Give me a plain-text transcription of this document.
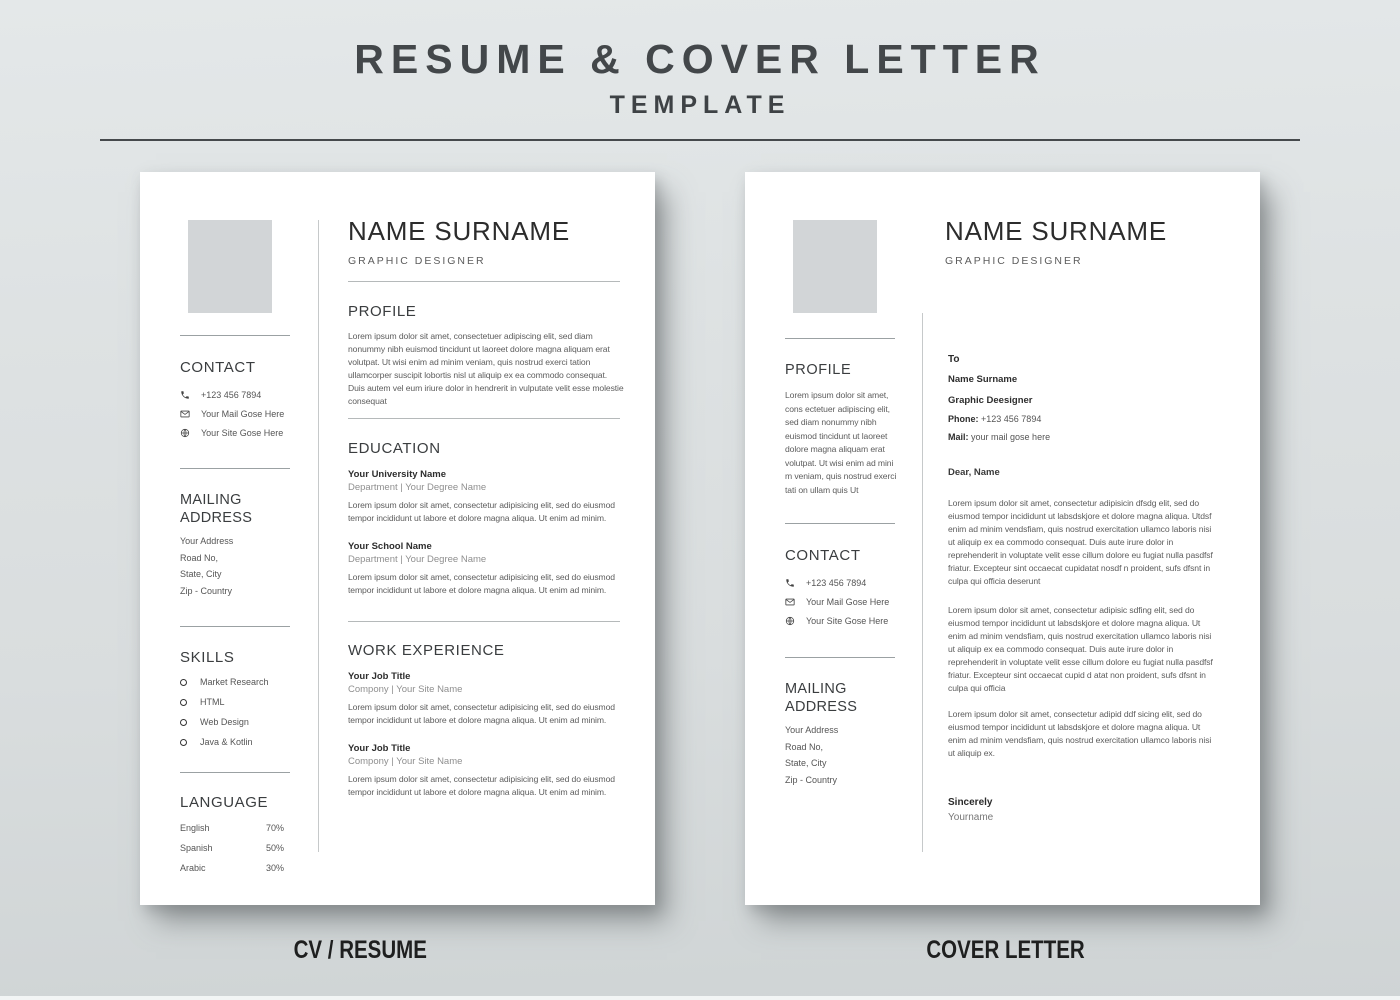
RESUME & COVER LETTER
TEMPLATE
CONTACT
+123 456 7894
Your Mail Gose Here
Your Site Gose Here
MAILING ADDRESS
Your Address
Road No,
State, City
Zip - Country
SKILLS
Market Research
HTML
Web Design
Java & Kotlin
LANGUAGE
English	70%
Spanish	50%
Arabic	30%
NAME SURNAME
GRAPHIC DESIGNER
PROFILE
Lorem ipsum dolor sit amet, consectetuer adipiscing elit, sed diam nonummy nibh euismod tincidunt ut laoreet dolore magna aliquam erat volutpat. Ut wisi enim ad minim veniam, quis nostrud exerci tation ullamcorper suscipit lobortis nisl ut aliquip ex ea commodo consequat. Duis autem vel eum iriure dolor in hendrerit in vulputate velit esse molestie consequat
EDUCATION
Your University Name
Department | Your Degree Name
Lorem ipsum dolor sit amet, consectetur adipisicing elit, sed do eiusmod tempor incididunt ut labore et dolore magna aliqua. Ut enim ad minim.
Your School Name
Department | Your Degree Name
Lorem ipsum dolor sit amet, consectetur adipisicing elit, sed do eiusmod tempor incididunt ut labore et dolore magna aliqua. Ut enim ad minim.
WORK EXPERIENCE
Your Job Title
Compony | Your Site Name
Lorem ipsum dolor sit amet, consectetur adipisicing elit, sed do eiusmod tempor incididunt ut labore et dolore magna aliqua. Ut enim ad minim.
Your Job Title
Compony | Your Site Name
Lorem ipsum dolor sit amet, consectetur adipisicing elit, sed do eiusmod tempor incididunt ut labore et dolore magna aliqua. Ut enim ad minim.
NAME SURNAME
GRAPHIC DESIGNER
PROFILE
Lorem ipsum dolor sit amet, cons ectetuer adipiscing elit, sed diam nonummy nibh euismod tincidunt ut laoreet dolore magna aliquam erat volutpat. Ut wisi enim ad mini m veniam, quis nostrud exerci tati on ullam quis Ut
CONTACT
+123 456 7894
Your Mail Gose Here
Your Site Gose Here
MAILING ADDRESS
Your Address
Road No,
State, City
Zip - Country
To
Name Surname
Graphic Deesigner
Phone: +123 456 7894
Mail: your mail gose here
Dear, Name

Lorem ipsum dolor sit amet, consectetur adipisicin dfsdg elit, sed do eiusmod tempor incididunt ut labsdskjore et dolore magna aliqua. Utdsf enim ad minim vendsfiam, quis nostrud exercitation ullamco laboris nisi ut aliquip ex ea commodo consequat. Duis aute irure dolor in reprehenderit in voluptate velit esse cillum dolore eu fugiat nulla pasdfsf friatur. Excepteur sint occaecat cupidatat nosdf n proident, sufs dfsnt in culpa qui officia deserunt

Lorem ipsum dolor sit amet, consectetur adipisic sdfing elit, sed do eiusmod tempor incididunt ut labsdskjore et dolore magna aliqua. Ut enim ad minim vendsfiam, quis nostrud exercitation ullamco laboris nisi ut aliquip ex ea commodo consequat. Duis aute irure dolor in reprehenderit in voluptate velit esse cillum dolore eu fugiat nulla pasdfsf friatur. Excepteur sint occaecat cupid d atat non proident, sufs dfsnt in culpa qui officia

Lorem ipsum dolor sit amet, consectetur adipid ddf sicing elit, sed do eiusmod tempor incididunt ut labsdskjore et dolore magna aliqua. Ut enim ad minim vendsfiam, quis nostrud exercitation ullamco laboris nisi ut aliquip ex.

Sincerely
Yourname
CV / RESUME	COVER LETTER
